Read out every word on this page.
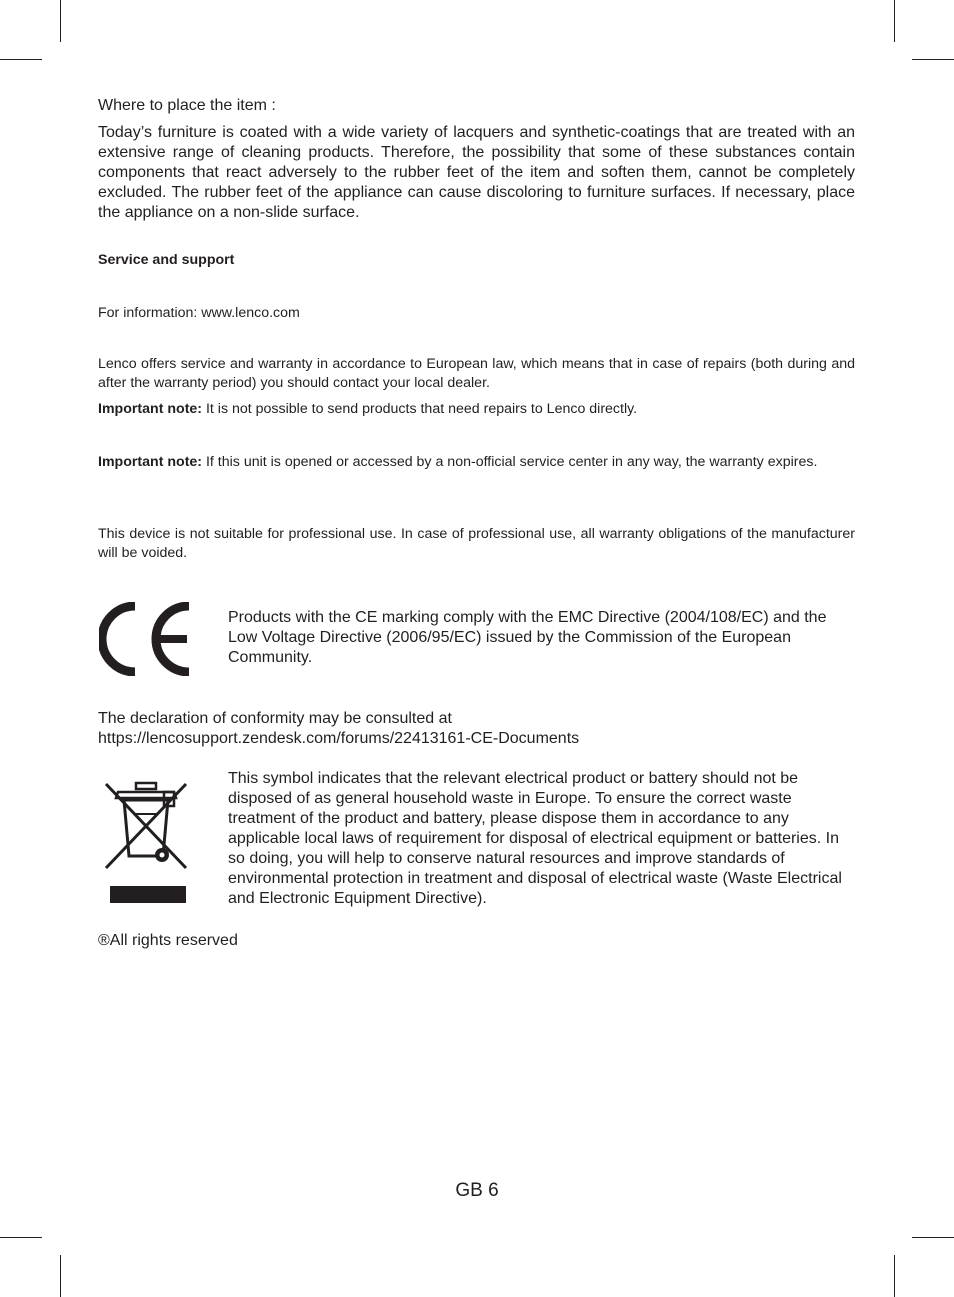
Where to place the item :

Today’s furniture is coated with a wide variety of lacquers and synthetic-coatings that are treated with an extensive range of cleaning products. Therefore, the possibility that some of these substances contain components that react adversely to the rubber feet of the item and soften them, cannot be completely excluded. The rubber feet of the appliance can cause discoloring to furniture surfaces. If necessary, place the appliance on a non-slide surface.

Service and support

For information: www.lenco.com

Lenco offers service and warranty in accordance to European law, which means that in case of repairs (both during and after the warranty period) you should contact your local dealer.

Important note: It is not possible to send products that need repairs to Lenco directly.

Important note: If this unit is opened or accessed by a non-official service center in any way, the warranty expires.

This device is not suitable for professional use. In case of professional use, all warranty obligations of the manufacturer will be voided.

Products with the CE marking comply with the EMC Directive (2004/108/EC) and the Low Voltage Directive (2006/95/EC) issued by the Commission of the European Community.

The declaration of conformity may be consulted at

https://lencosupport.zendesk.com/forums/22413161-CE-Documents

This symbol indicates that the relevant electrical product or battery should not be disposed of as general household waste in Europe. To ensure the correct waste treatment of the product and battery, please dispose them in accordance to any applicable local laws of requirement for disposal of electrical equipment or batteries. In so doing, you will help to conserve natural resources and improve standards of environmental protection in treatment and disposal of electrical waste (Waste Electrical and Electronic Equipment Directive).

®All rights reserved

GB 6
